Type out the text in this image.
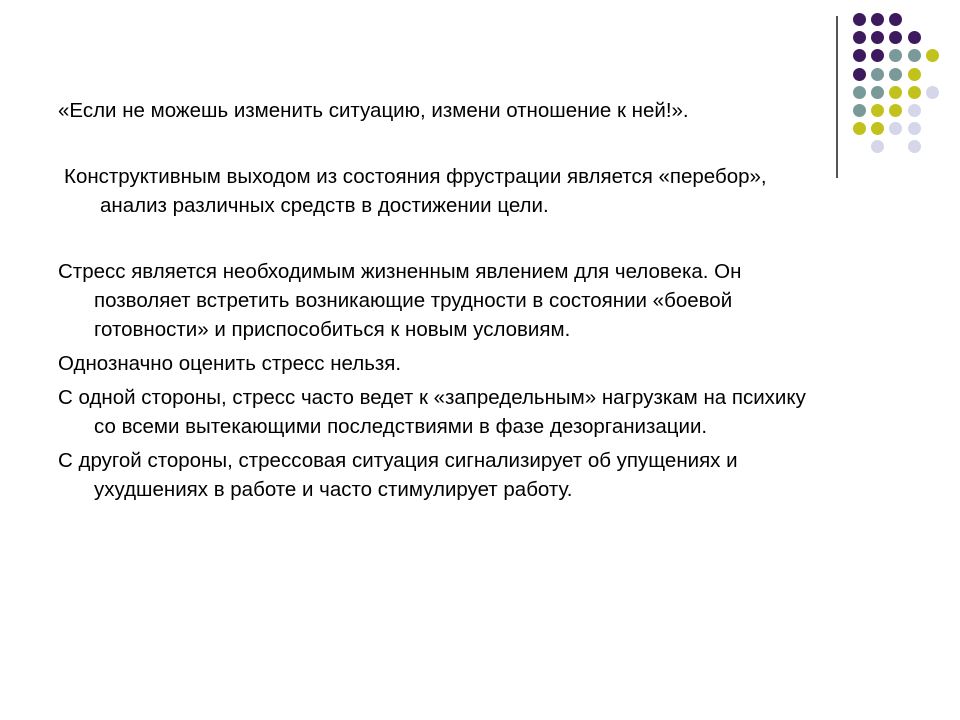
«Если не можешь изменить ситуацию, измени отношение к ней!».

Конструктивным выходом из состояния фрустрации является «перебор», анализ различных средств в достижении цели.

Стресс является необходимым жизненным явлением для человека. Он позволяет встретить возникающие трудности в состоянии «боевой готовности» и приспособиться к новым условиям.

Однозначно оценить стресс нельзя.

С одной стороны, стресс часто ведет к «запредельным» нагрузкам на психику со всеми вытекающими последствиями в фазе дезорганизации.

С другой стороны, стрессовая ситуация сигнализирует об упущениях и ухудшениях в работе и часто стимулирует работу.
